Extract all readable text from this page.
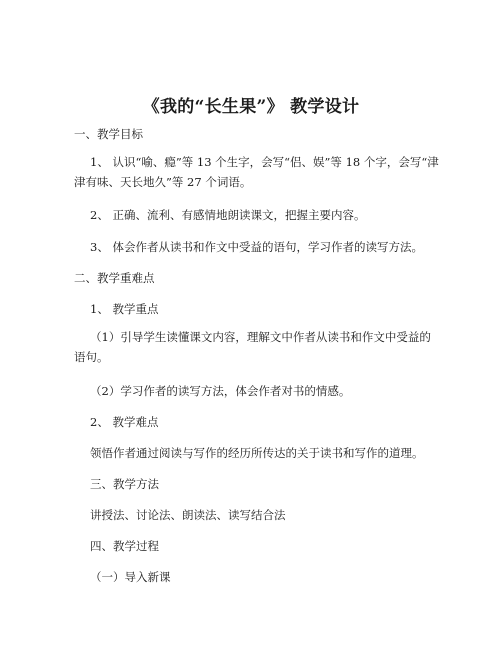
《我的“长生果”》 教学设计
一、教学目标
1、 认识“喻、瘾”等 13 个生字，会写“侣、娱”等 18 个字，会写“津津有味、天长地久”等 27 个词语。
2、 正确、流利、有感情地朗读课文，把握主要内容。
3、 体会作者从读书和作文中受益的语句，学习作者的读写方法。
二、教学重难点
1、 教学重点
（1）引导学生读懂课文内容，理解文中作者从读书和作文中受益的语句。
（2）学习作者的读写方法，体会作者对书的情感。
2、 教学难点
领悟作者通过阅读与写作的经历所传达的关于读书和写作的道理。
三、教学方法
讲授法、讨论法、朗读法、读写结合法
四、教学过程
（一）导入新课
